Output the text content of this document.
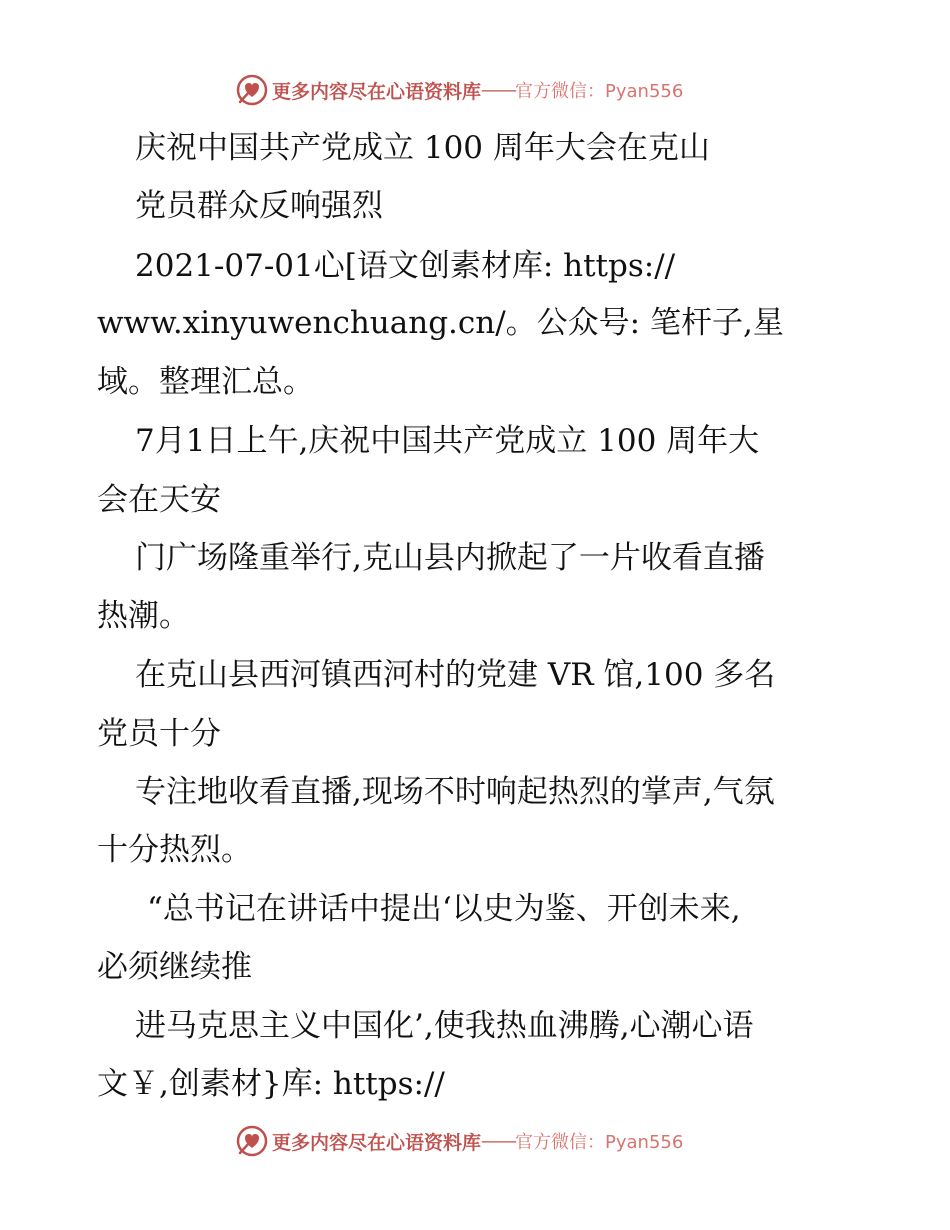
更多内容尽在心语资料库 —— 官方微信：Pyan556
庆祝中国共产党成立 100 周年大会在克山
党员群众反响强烈
2021-07-01心[语文创素材库: https://
www.xinyuwenchuang.cn/。公众号: 笔杆子,星
域。整理汇总。
7月1日上午,庆祝中国共产党成立 100 周年大
会在天安
门广场隆重举行,克山县内掀起了一片收看直播
热潮。
在克山县西河镇西河村的党建 VR 馆,100 多名
党员十分
专注地收看直播,现场不时响起热烈的掌声,气氛
十分热烈。
“总书记在讲话中提出‘以史为鉴、开创未来,
必须继续推
进马克思主义中国化’,使我热血沸腾,心潮心语
文￥,创素材}库: https://
更多内容尽在心语资料库 —— 官方微信：Pyan556
